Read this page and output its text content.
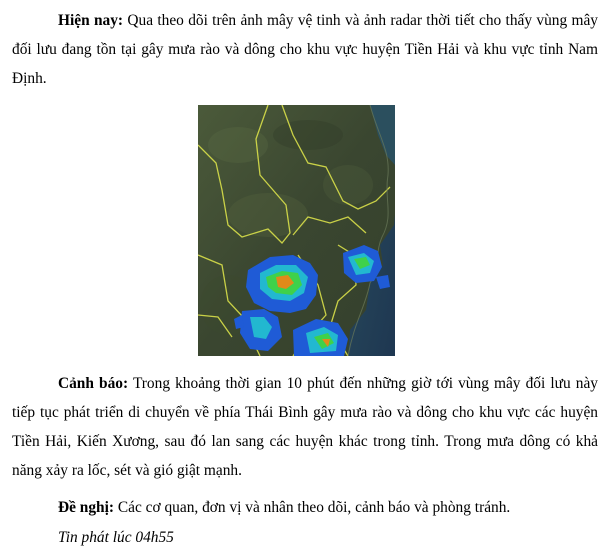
Hiện nay: Qua theo dõi trên ảnh mây vệ tinh và ảnh radar thời tiết cho thấy vùng mây đối lưu đang tồn tại gây mưa rào và dông cho khu vực huyện Tiền Hải và khu vực tỉnh Nam Định.

Cảnh báo: Trong khoảng thời gian 10 phút đến những giờ tới vùng mây đối lưu này tiếp tục phát triển di chuyển về phía Thái Bình gây mưa rào và dông cho khu vực các huyện Tiền Hải, Kiến Xương, sau đó lan sang các huyện khác trong tỉnh. Trong mưa dông có khả năng xảy ra lốc, sét và gió giật mạnh.

Đề nghị: Các cơ quan, đơn vị và nhân theo dõi, cảnh báo và phòng tránh.

Tin phát lúc 04h55
